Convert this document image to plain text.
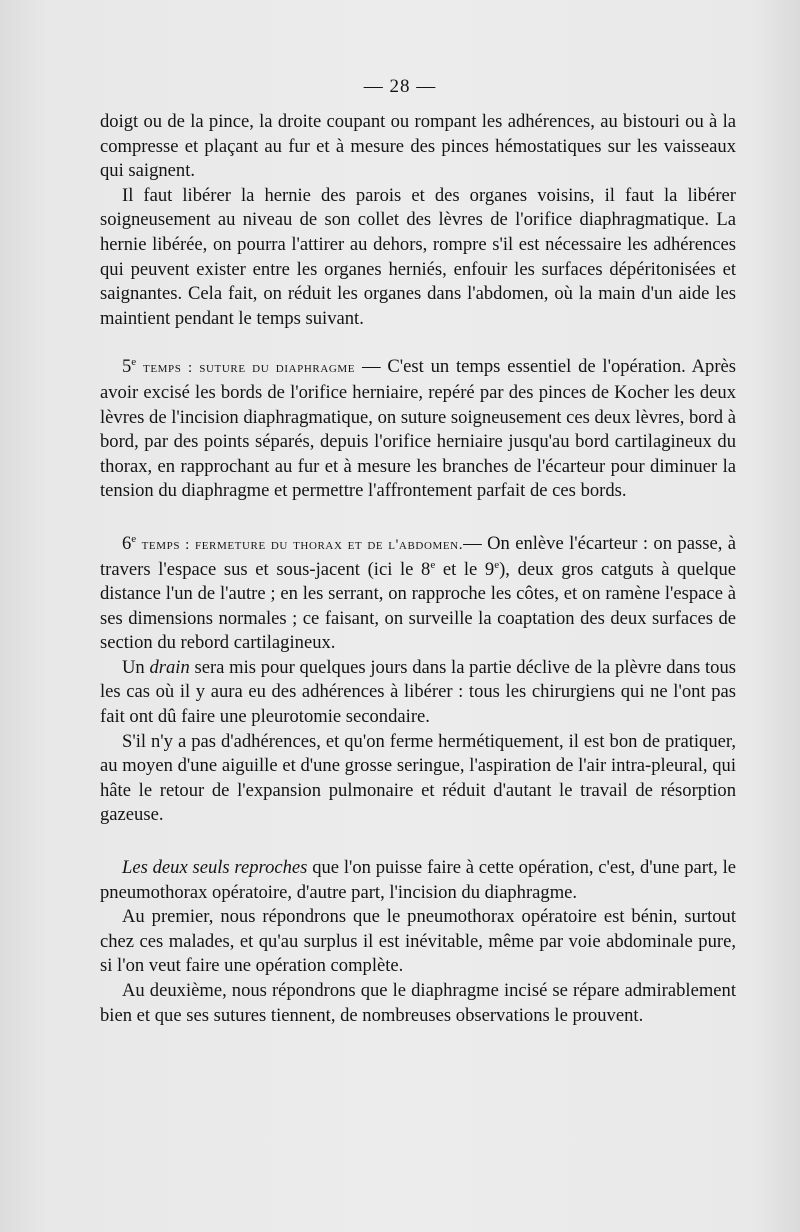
— 28 —

doigt ou de la pince, la droite coupant ou rompant les adhérences, au bistouri ou à la compresse et plaçant au fur et à mesure des pinces hémostatiques sur les vaisseaux qui saignent.

Il faut libérer la hernie des parois et des organes voisins, il faut la libérer soigneusement au niveau de son collet des lèvres de l'orifice diaphragmatique. La hernie libérée, on pourra l'attirer au dehors, rompre s'il est nécessaire les adhérences qui peuvent exister entre les organes herniés, enfouir les surfaces dépéritonisées et saignantes. Cela fait, on réduit les organes dans l'abdomen, où la main d'un aide les maintient pendant le temps suivant.

5e temps : suture du diaphragme — C'est un temps essentiel de l'opération. Après avoir excisé les bords de l'orifice herniaire, repéré par des pinces de Kocher les deux lèvres de l'incision diaphragmatique, on suture soigneusement ces deux lèvres, bord à bord, par des points séparés, depuis l'orifice herniaire jusqu'au bord cartilagineux du thorax, en rapprochant au fur et à mesure les branches de l'écarteur pour diminuer la tension du diaphragme et permettre l'affrontement parfait de ces bords.

6e temps : fermeture du thorax et de l'abdomen.— On enlève l'écarteur : on passe, à travers l'espace sus et sous-jacent (ici le 8e et le 9e), deux gros catguts à quelque distance l'un de l'autre ; en les serrant, on rapproche les côtes, et on ramène l'espace à ses dimensions normales ; ce faisant, on surveille la coaptation des deux surfaces de section du rebord cartilagineux.

Un drain sera mis pour quelques jours dans la partie déclive de la plèvre dans tous les cas où il y aura eu des adhérences à libérer : tous les chirurgiens qui ne l'ont pas fait ont dû faire une pleurotomie secondaire.

S'il n'y a pas d'adhérences, et qu'on ferme hermétiquement, il est bon de pratiquer, au moyen d'une aiguille et d'une grosse seringue, l'aspiration de l'air intra-pleural, qui hâte le retour de l'expansion pulmonaire et réduit d'autant le travail de résorption gazeuse.

Les deux seuls reproches que l'on puisse faire à cette opération, c'est, d'une part, le pneumothorax opératoire, d'autre part, l'incision du diaphragme.

Au premier, nous répondrons que le pneumothorax opératoire est bénin, surtout chez ces malades, et qu'au surplus il est inévitable, même par voie abdominale pure, si l'on veut faire une opération complète.

Au deuxième, nous répondrons que le diaphragme incisé se répare admirablement bien et que ses sutures tiennent, de nombreuses observations le prouvent.
